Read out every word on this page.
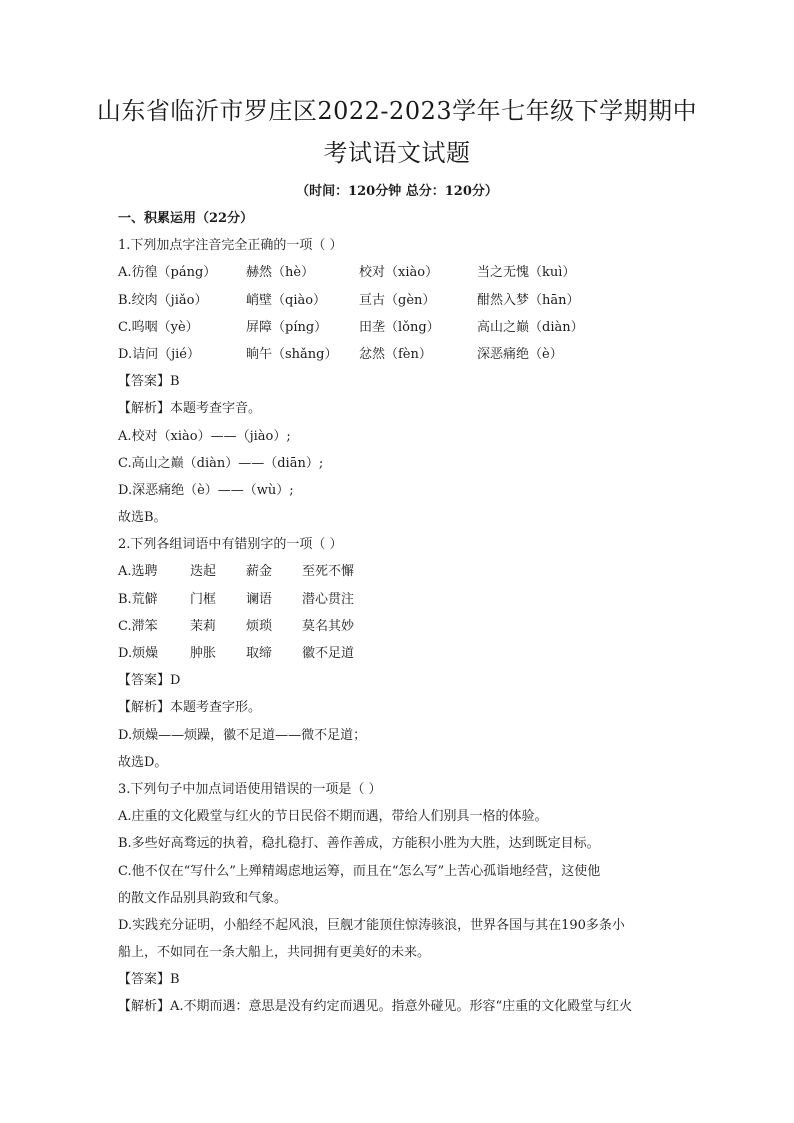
山东省临沂市罗庄区2022-2023学年七年级下学期期中
考试语文试题
（时间：120分钟 总分：120分）
一、积累运用（22分）
1.下列加点字注音完全正确的一项（ ）
A.彷徨（páng） 赫然（hè）	校对（xiào）	当之无愧（kuì）
B.绞肉（jiǎo）	峭壁（qiào）	亘古（gèn）	酣然入梦（hān）
C.呜咽（yè）	屏障（píng） 田垄（lǒng）	高山之巅（diàn）
D.诘问（jié）	晌午（shǎng） 忿然（fèn）	深恶痛绝（è）
【答案】B
【解析】本题考查字音。
A.校对（xiào）——（jiào）;
C.高山之巅（diàn）——（diān）;
D.深恶痛绝（è）——（wù）;
故选B。
2.下列各组词语中有错别字的一项（ ）
A.选聘 迭起 薪金 至死不懈
B.荒僻 门框 谰语 潜心贯注
C.滞笨 茉莉 烦琐 莫名其妙
D.烦燥 肿胀 取缔 徽不足道
【答案】D
【解析】本题考查字形。
D.烦燥——烦躁，徽不足道——微不足道；
故选D。
3.下列句子中加点词语使用错误的一项是（ ）
A.庄重的文化殿堂与红火的节日民俗不期而遇，带给人们别具一格的体验。
B.多些好高骛远的执着，稳扎稳打、善作善成，方能积小胜为大胜，达到既定目标。
C.他不仅在“写什么”上殚精竭虑地运筹，而且在“怎么写”上苦心孤诣地经营，这使他
的散文作品别具韵致和气象。
D.实践充分证明，小船经不起风浪，巨舰才能顶住惊涛骇浪，世界各国与其在190多条小
船上，不如同在一条大船上，共同拥有更美好的未来。
【答案】B
【解析】A.不期而遇：意思是没有约定而遇见。指意外碰见。形容“庄重的文化殿堂与红火
